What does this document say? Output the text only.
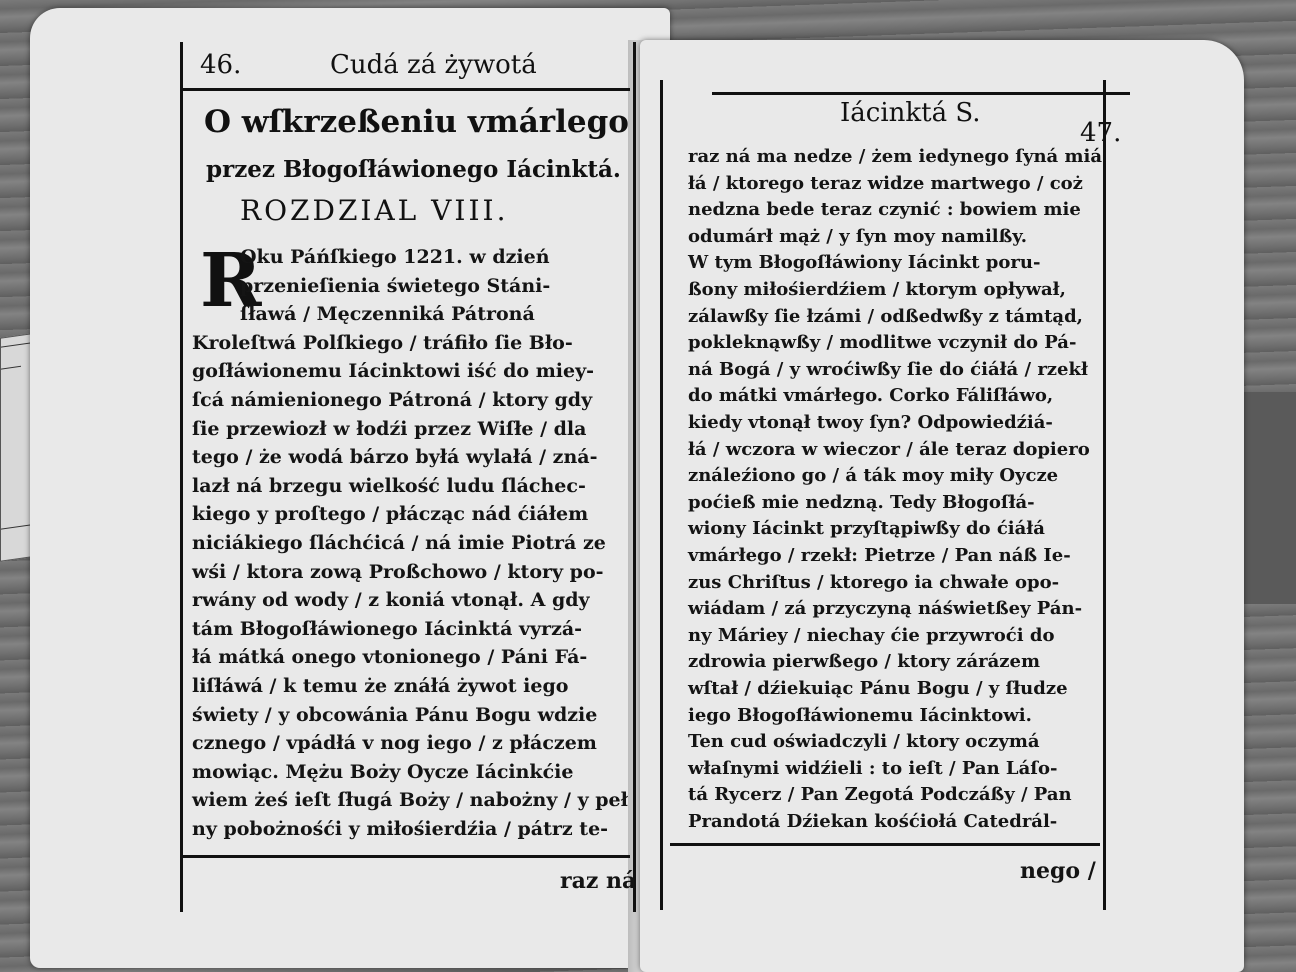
46.	Cudá zá żywotá
O wſkrzeßeniu vmárlego
przez Błogoſłáwionego Iácinktá.
ROZDZIAL VIII.
R
Oku Páńſkiego 1221. w dzień
przenieſienia świetego Stáni-
ſławá / Męczenniká Pátroná
Kroleſtwá Polſkiego / tráfiło ſie Bło-
goſłáwionemu Iácinktowi iść do miey-
ſcá námienionego Pátroná / ktory gdy
ſie przewiozł w łodźi przez Wiſłe / dla
tego / że wodá bárzo byłá wylałá / zná-
lazł ná brzegu wielkość ludu ſláchec-
kiego y proſtego / płácząc nád ćiáłem
niciákiego ſláchćicá / ná imie Piotrá ze
wśi / ktora zową Proßchowo / ktory po-
rwány od wody / z koniá vtonął. A gdy
tám Błogoſłáwionego Iácinktá vyrzá-
łá mátká onego vtonionego / Páni Fá-
liſłáwá / k temu że znáłá żywot iego
świety / y obcowánia Pánu Bogu wdzie
cznego / vpádłá v nog iego / z płáczem
mowiąc. Mężu Boży Oycze Iácinkćie
wiem żeś ieſt ſługá Boży / nabożny / y peł
ny pobożnośći y miłośierdźia / pátrz te-
raz ná
Iácinktá S.
47.
raz ná ma nedze / żem iedynego ſyná miá
łá / ktorego teraz widze martwego / coż
nedzna bede teraz czynić : bowiem mie
odumárł mąż / y ſyn moy namilßy.
W tym Błogoſłáwiony Iácinkt poru-
ßony miłośierdźiem / ktorym opływał,
zálawßy ſie łzámi / odßedwßy z támtąd,
pokleknąwßy / modlitwe vczynił do Pá-
ná Bogá / y wroćiwßy ſie do ćiáłá / rzekł
do mátki vmárłego. Corko Fáliſłáwo,
kiedy vtonął twoy ſyn? Odpowiedźiá-
łá / wczora w wieczor / ále teraz dopiero
ználeźiono go / á ták moy miły Oycze
poćieß mie nedzną. Tedy Błogoſłá-
wiony Iácinkt przyſtąpiwßy do ćiáłá
vmárłego / rzekł: Pietrze / Pan náß Ie-
zus Chriſtus / ktorego ia chwałe opo-
wiádam / zá przyczyną náświetßey Pán-
ny Máriey / niechay ćie przywroći do
zdrowia pierwßego / ktory zárázem
wſtał / dźiekuiąc Pánu Bogu / y ſłudze
iego Błogoſłáwionemu Iácinktowi.
Ten cud oświadczyli / ktory oczymá
właſnymi widźieli : to ieſt / Pan Láſo-
tá Rycerz / Pan Zegotá Podczáßy / Pan
Prandotá Dźiekan kośćiołá Catedrál-
nego /
